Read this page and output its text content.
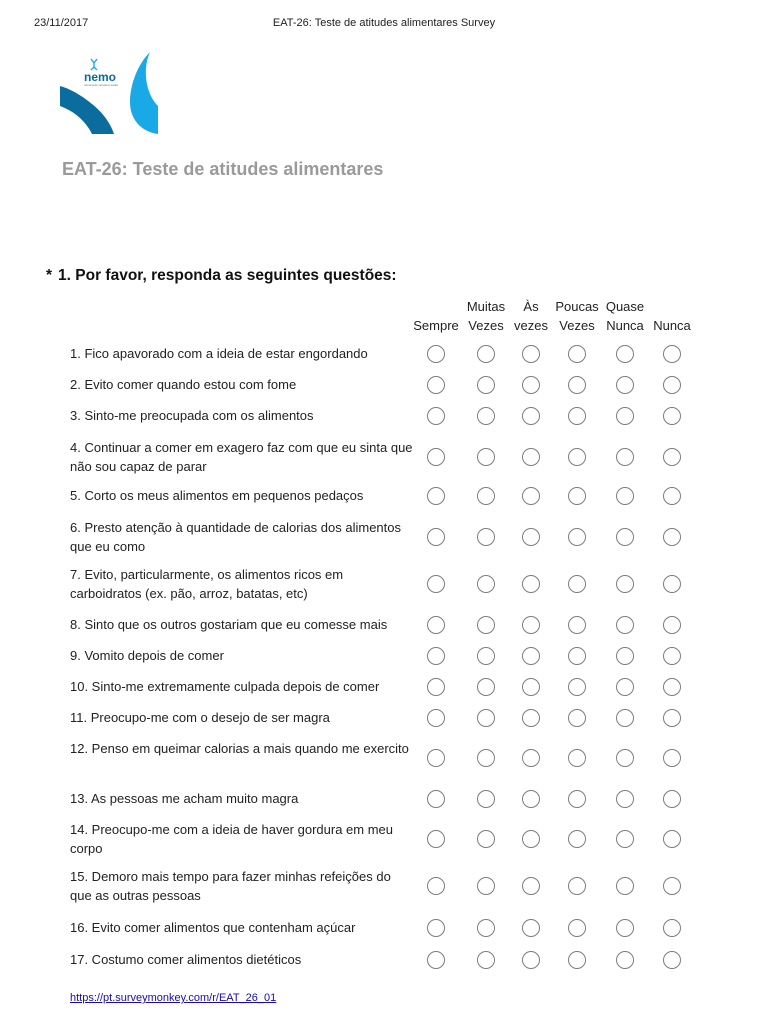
23/11/2017	EAT-26: Teste de atitudes alimentares Survey
nemo
núcleo de estudos e intervenção em obesidade
EAT-26: Teste de atitudes alimentares
* 1. Por favor, responda as seguintes questões:

Sempre
Muitas
Vezes
Às
vezes
Poucas
Vezes
Quase
Nunca
Nunca
1. Fico apavorado com a ideia de estar engordando
2. Evito comer quando estou com fome
3. Sinto-me preocupada com os alimentos
4. Continuar a comer em exagero faz com que eu sinta que não sou capaz de parar
5. Corto os meus alimentos em pequenos pedaços
6. Presto atenção à quantidade de calorias dos alimentos que eu como
7. Evito, particularmente, os alimentos ricos em carboidratos (ex. pão, arroz, batatas, etc)
8. Sinto que os outros gostariam que eu comesse mais
9. Vomito depois de comer
10. Sinto-me extremamente culpada depois de comer
11. Preocupo-me com o desejo de ser magra
12. Penso em queimar calorias a mais quando me exercito
13. As pessoas me acham muito magra
14. Preocupo-me com a ideia de haver gordura em meu corpo
15. Demoro mais tempo para fazer minhas refeições do que as outras pessoas
16. Evito comer alimentos que contenham açúcar
17. Costumo comer alimentos dietéticos
https://pt.surveymonkey.com/r/EAT_26_01
